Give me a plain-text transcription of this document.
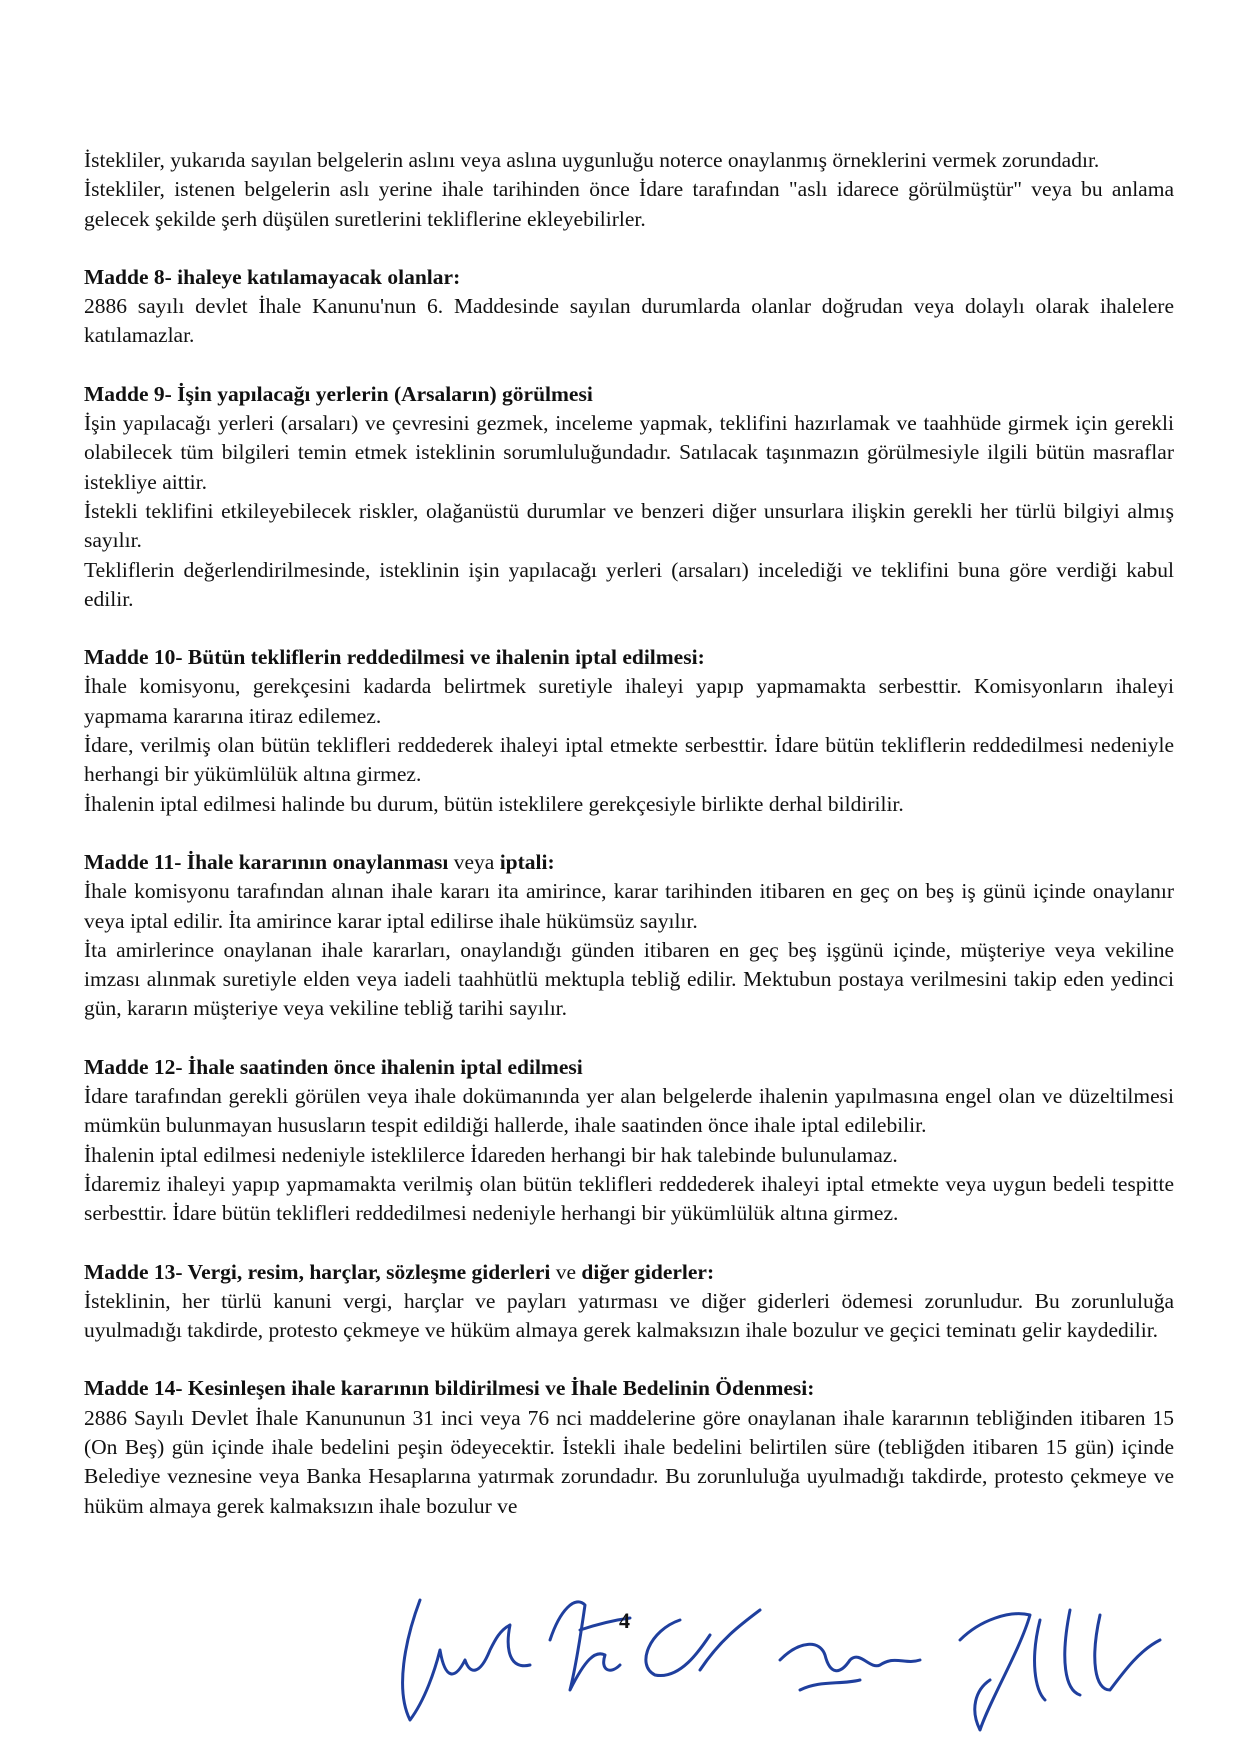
İstekliler, yukarıda sayılan belgelerin aslını veya aslına uygunluğu noterce onaylanmış örneklerini vermek zorundadır.
İstekliler, istenen belgelerin aslı yerine ihale tarihinden önce İdare tarafından "aslı idarece görülmüştür" veya bu anlama gelecek şekilde şerh düşülen suretlerini tekliflerine ekleyebilirler.
Madde 8- ihaleye katılamayacak olanlar:
2886 sayılı devlet İhale Kanunu'nun 6. Maddesinde sayılan durumlarda olanlar doğrudan veya dolaylı olarak ihalelere katılamazlar.
Madde 9- İşin yapılacağı yerlerin (Arsaların) görülmesi
İşin yapılacağı yerleri (arsaları) ve çevresini gezmek, inceleme yapmak, teklifini hazırlamak ve taahhüde girmek için gerekli olabilecek tüm bilgileri temin etmek isteklinin sorumluluğundadır. Satılacak taşınmazın görülmesiyle ilgili bütün masraflar istekliye aittir.
İstekli teklifini etkileyebilecek riskler, olağanüstü durumlar ve benzeri diğer unsurlara ilişkin gerekli her türlü bilgiyi almış sayılır.
Tekliflerin değerlendirilmesinde, isteklinin işin yapılacağı yerleri (arsaları) incelediği ve teklifini buna göre verdiği kabul edilir.
Madde 10- Bütün tekliflerin reddedilmesi ve ihalenin iptal edilmesi:
İhale komisyonu, gerekçesini kadarda belirtmek suretiyle ihaleyi yapıp yapmamakta serbesttir. Komisyonların ihaleyi yapmama kararına itiraz edilemez.
İdare, verilmiş olan bütün teklifleri reddederek ihaleyi iptal etmekte serbesttir. İdare bütün tekliflerin reddedilmesi nedeniyle herhangi bir yükümlülük altına girmez.
İhalenin iptal edilmesi halinde bu durum, bütün isteklilere gerekçesiyle birlikte derhal bildirilir.
Madde 11- İhale kararının onaylanması veya iptali:
İhale komisyonu tarafından alınan ihale kararı ita amirince, karar tarihinden itibaren en geç on beş iş günü içinde onaylanır veya iptal edilir. İta amirince karar iptal edilirse ihale hükümsüz sayılır.
İta amirlerince onaylanan ihale kararları, onaylandığı günden itibaren en geç beş işgünü içinde, müşteriye veya vekiline imzası alınmak suretiyle elden veya iadeli taahhütlü mektupla tebliğ edilir. Mektubun postaya verilmesini takip eden yedinci gün, kararın müşteriye veya vekiline tebliğ tarihi sayılır.
Madde 12- İhale saatinden önce ihalenin iptal edilmesi
İdare tarafından gerekli görülen veya ihale dokümanında yer alan belgelerde ihalenin yapılmasına engel olan ve düzeltilmesi mümkün bulunmayan hususların tespit edildiği hallerde, ihale saatinden önce ihale iptal edilebilir.
İhalenin iptal edilmesi nedeniyle isteklilerce İdareden herhangi bir hak talebinde bulunulamaz.
İdaremiz ihaleyi yapıp yapmamakta verilmiş olan bütün teklifleri reddederek ihaleyi iptal etmekte veya uygun bedeli tespitte serbesttir. İdare bütün teklifleri reddedilmesi nedeniyle herhangi bir yükümlülük altına girmez.
Madde 13- Vergi, resim, harçlar, sözleşme giderleri ve diğer giderler:
İsteklinin, her türlü kanuni vergi, harçlar ve payları yatırması ve diğer giderleri ödemesi zorunludur. Bu zorunluluğa uyulmadığı takdirde, protesto çekmeye ve hüküm almaya gerek kalmaksızın ihale bozulur ve geçici teminatı gelir kaydedilir.
Madde 14- Kesinleşen ihale kararının bildirilmesi ve İhale Bedelinin Ödenmesi:
2886 Sayılı Devlet İhale Kanununun 31 inci veya 76 nci maddelerine göre onaylanan ihale kararının tebliğinden itibaren 15 (On Beş) gün içinde ihale bedelini peşin ödeyecektir. İstekli ihale bedelini belirtilen süre (tebliğden itibaren 15 gün) içinde Belediye veznesine veya Banka Hesaplarına yatırmak zorundadır. Bu zorunluluğa uyulmadığı takdirde, protesto çekmeye ve hüküm almaya gerek kalmaksızın ihale bozulur ve
4
